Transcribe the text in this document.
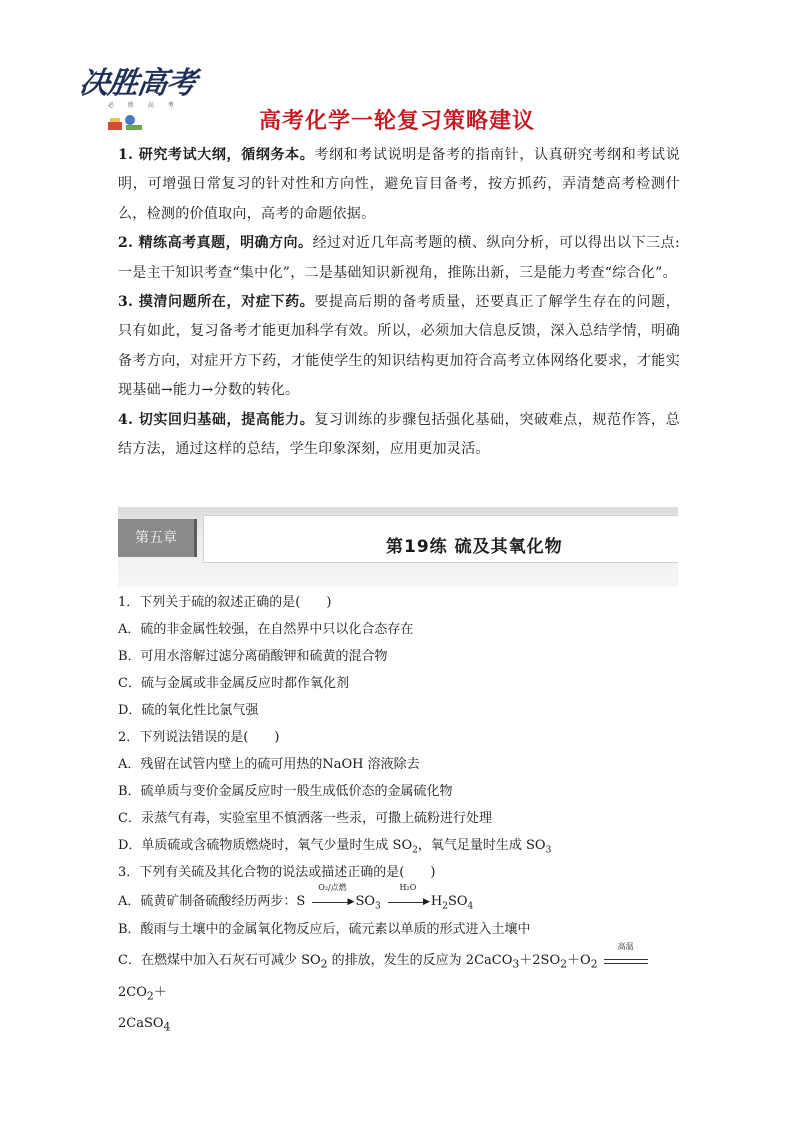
决胜高考
必 胜 高 考
高考化学一轮复习策略建议

1. 研究考试大纲，循纲务本。考纲和考试说明是备考的指南针，认真研究考纲和考试说明，可增强日常复习的针对性和方向性，避免盲目备考，按方抓药，弄清楚高考检测什么，检测的价值取向，高考的命题依据。

2. 精练高考真题，明确方向。经过对近几年高考题的横、纵向分析，可以得出以下三点:一是主干知识考查“集中化”，二是基础知识新视角，推陈出新，三是能力考查“综合化”。

3. 摸清问题所在，对症下药。要提高后期的备考质量，还要真正了解学生存在的问题，只有如此，复习备考才能更加科学有效。所以，必须加大信息反馈，深入总结学情，明确备考方向，对症开方下药，才能使学生的知识结构更加符合高考立体网络化要求，才能实现基础→能力→分数的转化。

4. 切实回归基础，提高能力。复习训练的步骤包括强化基础，突破难点，规范作答，总结方法，通过这样的总结，学生印象深刻，应用更加灵活。

第五章	第19练 硫及其氧化物
1．下列关于硫的叙述正确的是(　　)
A．硫的非金属性较强，在自然界中只以化合态存在
B．可用水溶解过滤分离硝酸钾和硫黄的混合物
C．硫与金属或非金属反应时都作氧化剂
D．硫的氧化性比氯气强
2．下列说法错误的是(　　)
A．残留在试管内壁上的硫可用热的NaOH 溶液除去
B．硫单质与变价金属反应时一般生成低价态的金属硫化物
C．汞蒸气有毒，实验室里不慎洒落一些汞，可撒上硫粉进行处理
D．单质硫或含硫物质燃烧时，氧气少量时生成 $SO_2$，氧气足量时生成 $SO_3$
3．下列有关硫及其化合物的说法或描述正确的是(　　)
A．硫黄矿制备硫酸经历两步：S
O₂/点燃
▶ $SO_3$
H₂O
▶ $H_2SO_4$
B．酸雨与土壤中的金属氧化物反应后，硫元素以单质的形式进入土壤中
C．在燃煤中加入石灰石可减少 $SO_2$ 的排放，发生的反应为 $2CaCO_3+2SO_2+O_2$
高温
$2CO_2+$
2CaSO$_4$
